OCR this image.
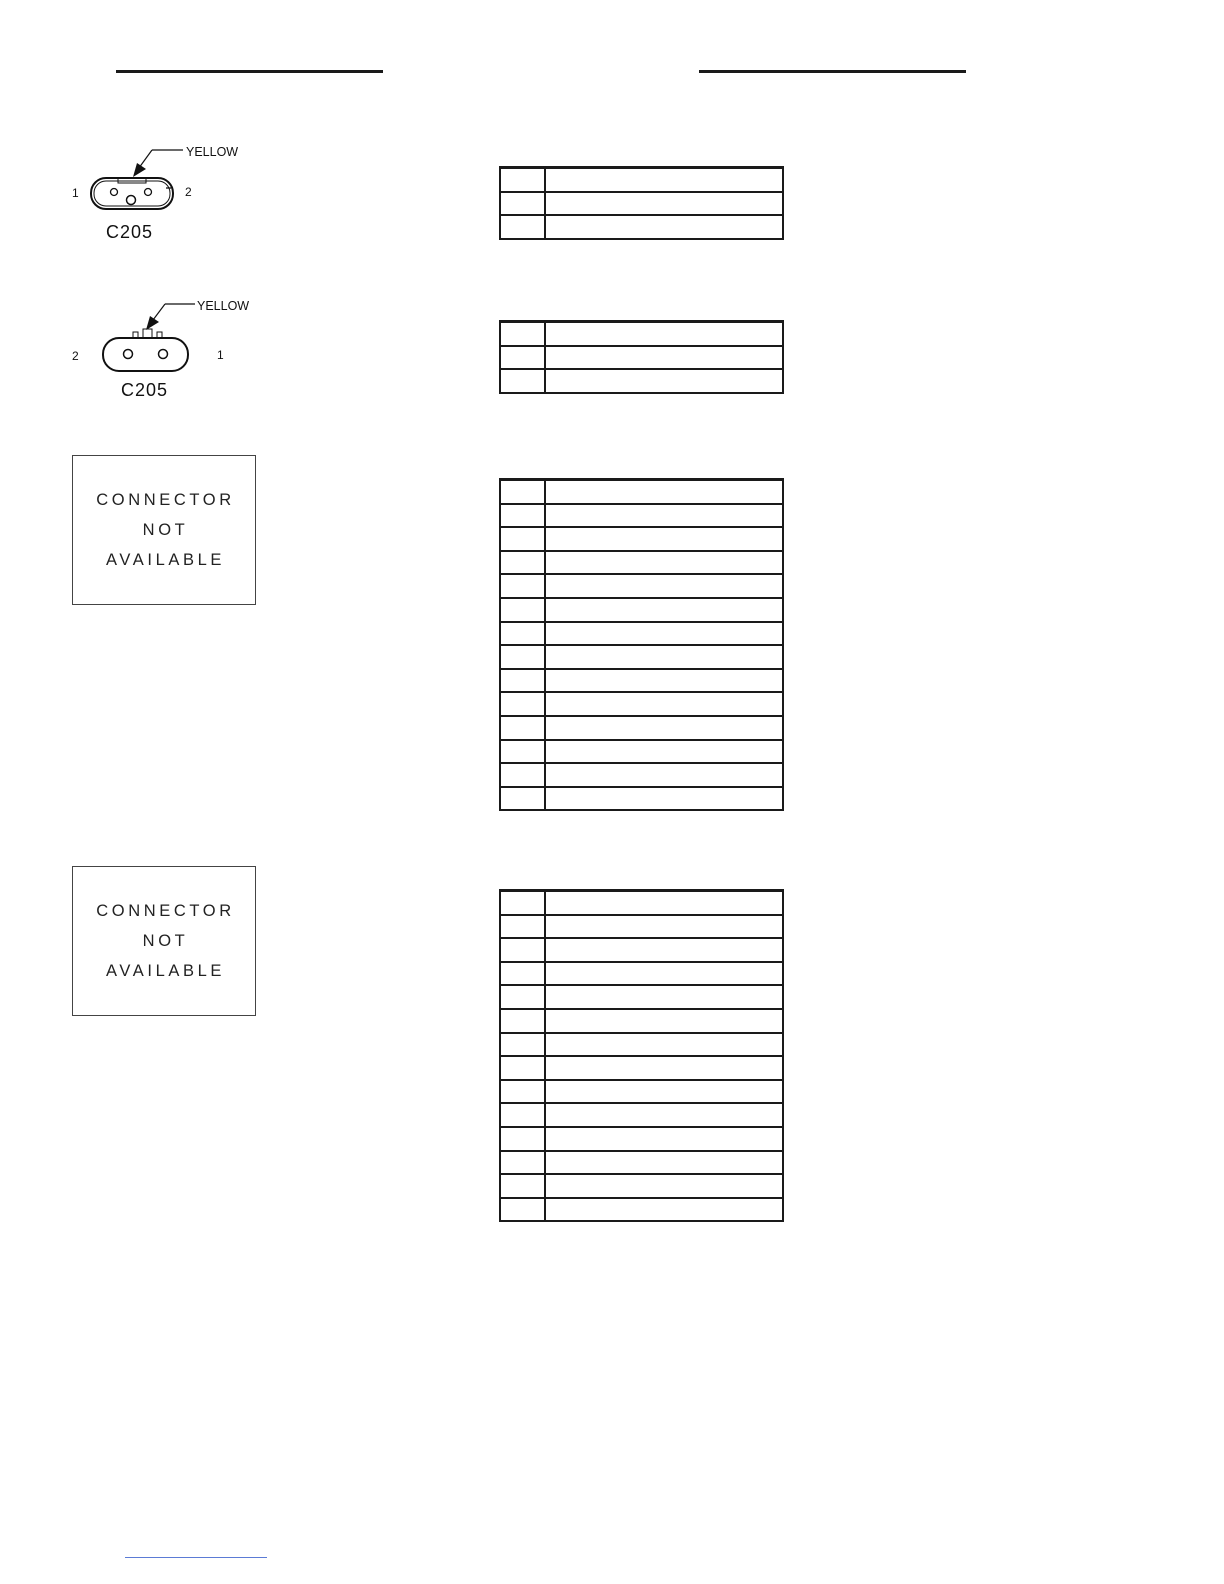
YELLOW
1	2
C205
YELLOW
2	1
C205
CONNECTOR
NOT
AVAILABLE
CONNECTOR
NOT
AVAILABLE
